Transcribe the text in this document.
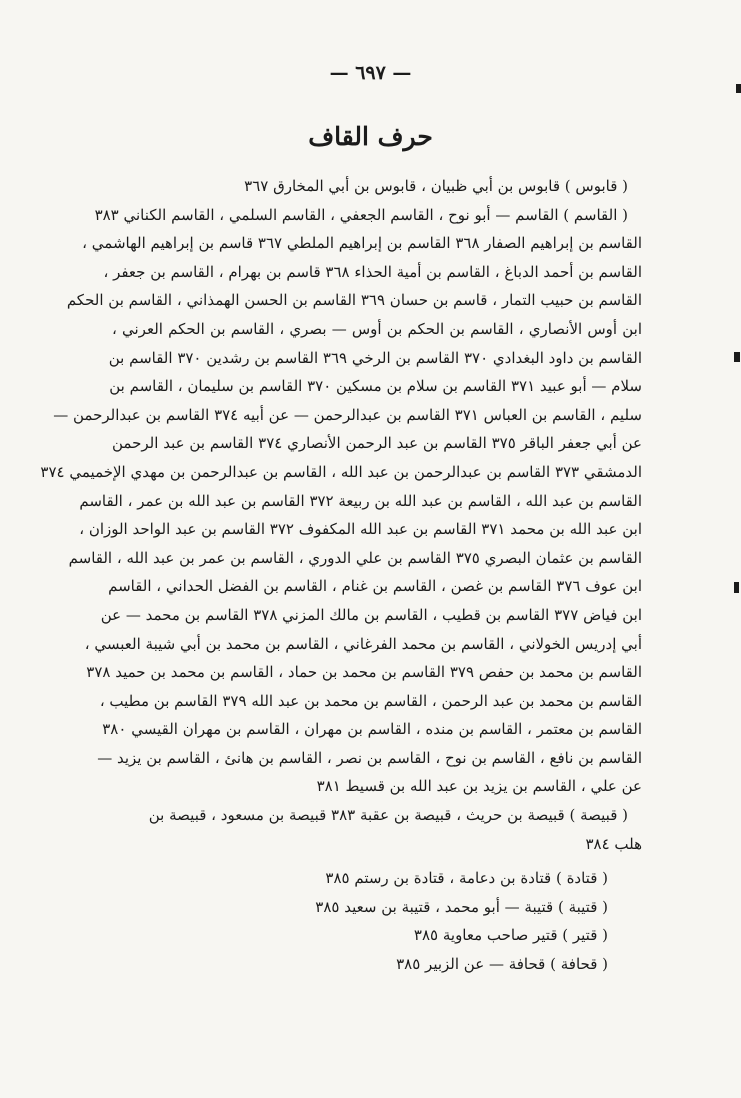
— ٦٩٧ —
حرف القاف
( قابوس ) قابوس بن أبي ظبيان ، قابوس بن أبي المخارق ٣٦٧
( القاسم ) القاسم — أبو نوح ، القاسم الجعفي ، القاسم السلمي ، القاسم الكناني ٣٨٣
القاسم بن إبراهيم الصفار ٣٦٨ القاسم بن إبراهيم الملطي ٣٦٧ قاسم بن إبراهيم الهاشمي ،
القاسم بن أحمد الدباغ ، القاسم بن أمية الحذاء ٣٦٨ قاسم بن بهرام ، القاسم بن جعفر ،
القاسم بن حبيب التمار ، قاسم بن حسان ٣٦٩ القاسم بن الحسن الهمذاني ، القاسم بن الحكم
ابن أوس الأنصاري ، القاسم بن الحكم بن أوس — بصري ، القاسم بن الحكم العرني ،
القاسم بن داود البغدادي ٣٧٠ القاسم بن الرخي ٣٦٩ القاسم بن رشدين ٣٧٠ القاسم بن
سلام — أبو عبيد ٣٧١ القاسم بن سلام بن مسكين ٣٧٠ القاسم بن سليمان ، القاسم بن
سليم ، القاسم بن العباس ٣٧١ القاسم بن عبدالرحمن — عن أبيه ٣٧٤ القاسم بن عبدالرحمن —
عن أبي جعفر الباقر ٣٧٥ القاسم بن عبد الرحمن الأنصاري ٣٧٤ القاسم بن عبد الرحمن
الدمشقي ٣٧٣ القاسم بن عبدالرحمن بن عبد الله ، القاسم بن عبدالرحمن بن مهدي الإخميمي ٣٧٤
القاسم بن عبد الله ، القاسم بن عبد الله بن ربيعة ٣٧٢ القاسم بن عبد الله بن عمر ، القاسم
ابن عبد الله بن محمد ٣٧١ القاسم بن عبد الله المكفوف ٣٧٢ القاسم بن عبد الواحد الوزان ،
القاسم بن عثمان البصري ٣٧٥ القاسم بن علي الدوري ، القاسم بن عمر بن عبد الله ، القاسم
ابن عوف ٣٧٦ القاسم بن غصن ، القاسم بن غنام ، القاسم بن الفضل الحداني ، القاسم
ابن فياض ٣٧٧ القاسم بن قطيب ، القاسم بن مالك المزني ٣٧٨ القاسم بن محمد — عن
أبي إدريس الخولاني ، القاسم بن محمد الفرغاني ، القاسم بن محمد بن أبي شيبة العبسي ،
القاسم بن محمد بن حفص ٣٧٩ القاسم بن محمد بن حماد ، القاسم بن محمد بن حميد ٣٧٨
القاسم بن محمد بن عبد الرحمن ، القاسم بن محمد بن عبد الله ٣٧٩ القاسم بن مطيب ،
القاسم بن معتمر ، القاسم بن منده ، القاسم بن مهران ، القاسم بن مهران القيسي ٣٨٠
القاسم بن نافع ، القاسم بن نوح ، القاسم بن نصر ، القاسم بن هانئ ، القاسم بن يزيد —
عن علي ، القاسم بن يزيد بن عبد الله بن قسيط ٣٨١
( قبيصة ) قبيصة بن حريث ، قبيصة بن عقبة ٣٨٣ قبيصة بن مسعود ، قبيصة بن
هلب ٣٨٤
( قتادة ) قتادة بن دعامة ، قتادة بن رستم ٣٨٥
( قتيبة ) قتيبة — أبو محمد ، قتيبة بن سعيد ٣٨٥
( قتير ) قتير صاحب معاوية ٣٨٥
( قحافة ) قحافة — عن الزبير ٣٨٥
